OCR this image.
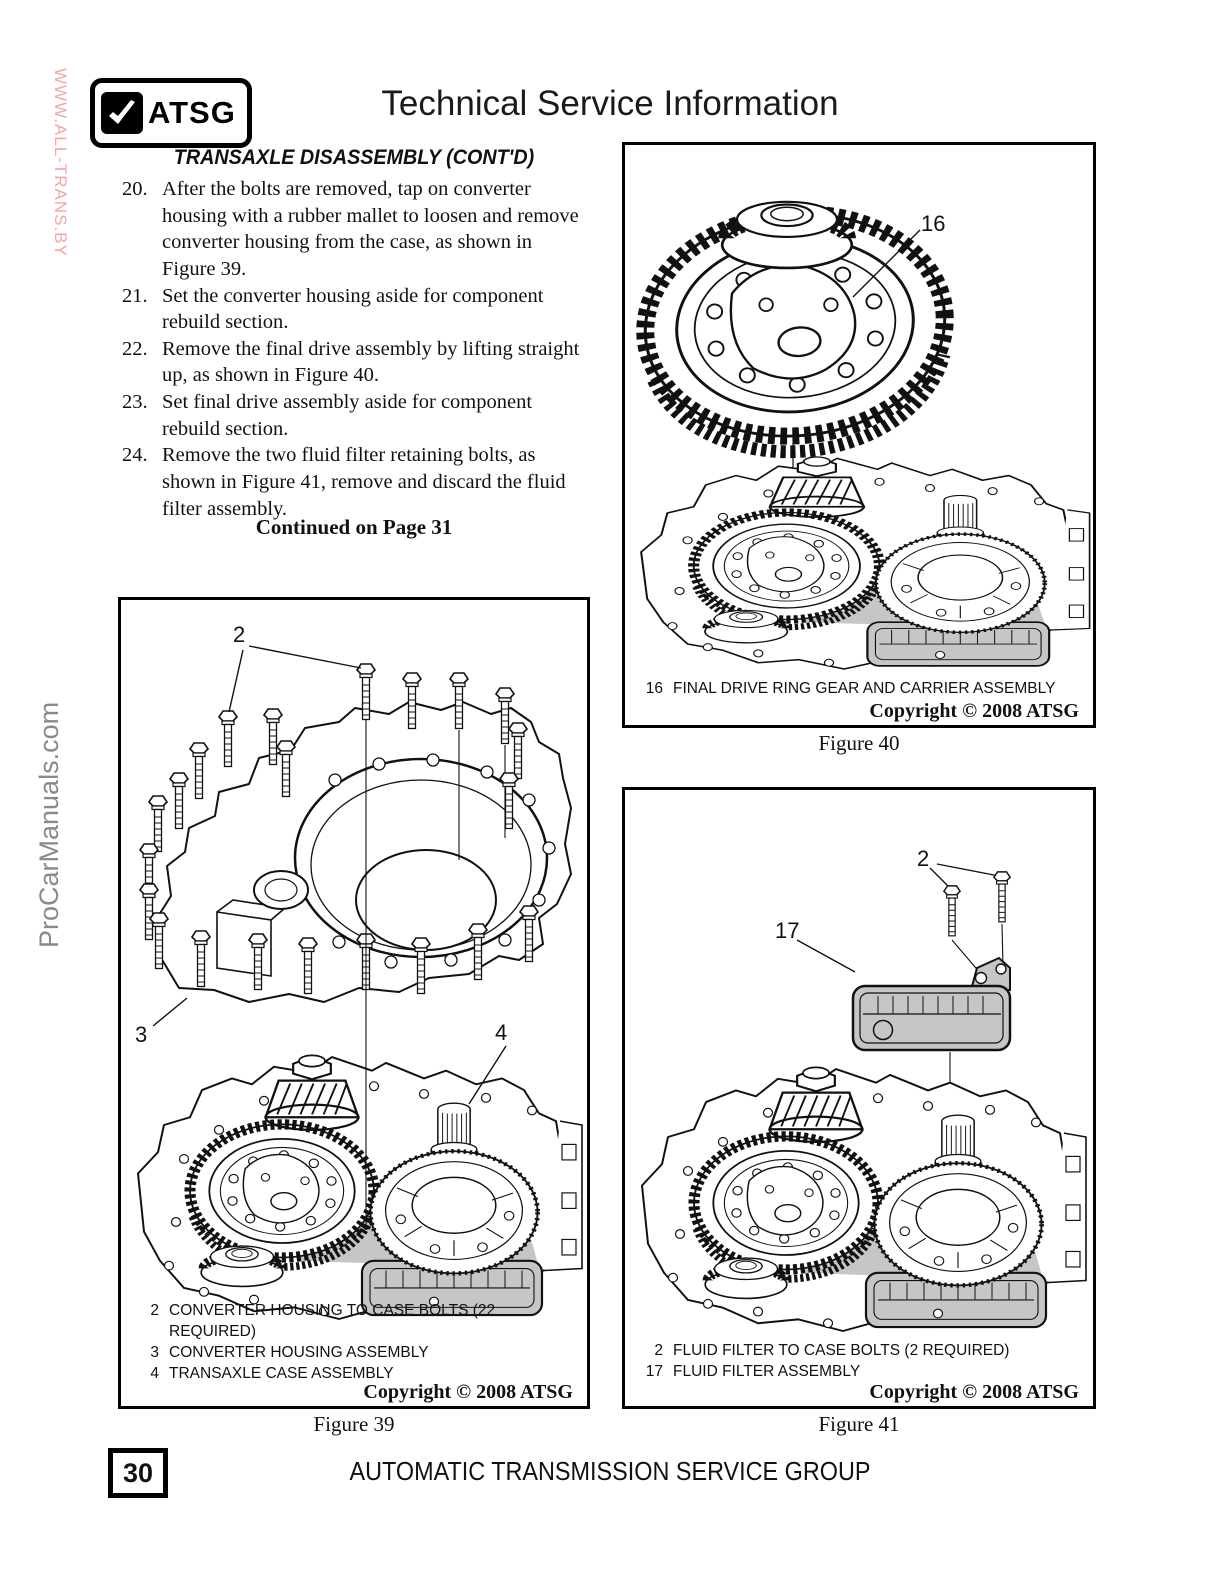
WWW.ALL-TRANS.BY
ProCarManuals.com
ATSG	Technical Service Information
TRANSAXLE DISASSEMBLY (CONT'D)
20. After the bolts are removed, tap on converter housing with a rubber mallet to loosen and remove converter housing from the case, as shown in Figure 39.
21. Set the converter housing aside for component rebuild section.
22. Remove the final drive assembly by lifting straight up, as shown in Figure 40.
23. Set final drive assembly aside for component rebuild section.
24. Remove the two fluid filter retaining bolts, as shown in Figure 41, remove and discard the fluid filter assembly.
Continued on Page 31
16
16 FINAL DRIVE RING GEAR AND CARRIER ASSEMBLY
Copyright © 2008 ATSG
Figure 40
2
3	4
2 CONVERTER HOUSING TO CASE BOLTS (22 REQUIRED)
3 CONVERTER HOUSING ASSEMBLY
4 TRANSAXLE CASE ASSEMBLY
Copyright © 2008 ATSG
Figure 39
2
17
2 FLUID FILTER TO CASE BOLTS (2 REQUIRED)
17 FLUID FILTER ASSEMBLY
Copyright © 2008 ATSG
Figure 41
30	AUTOMATIC TRANSMISSION SERVICE GROUP
